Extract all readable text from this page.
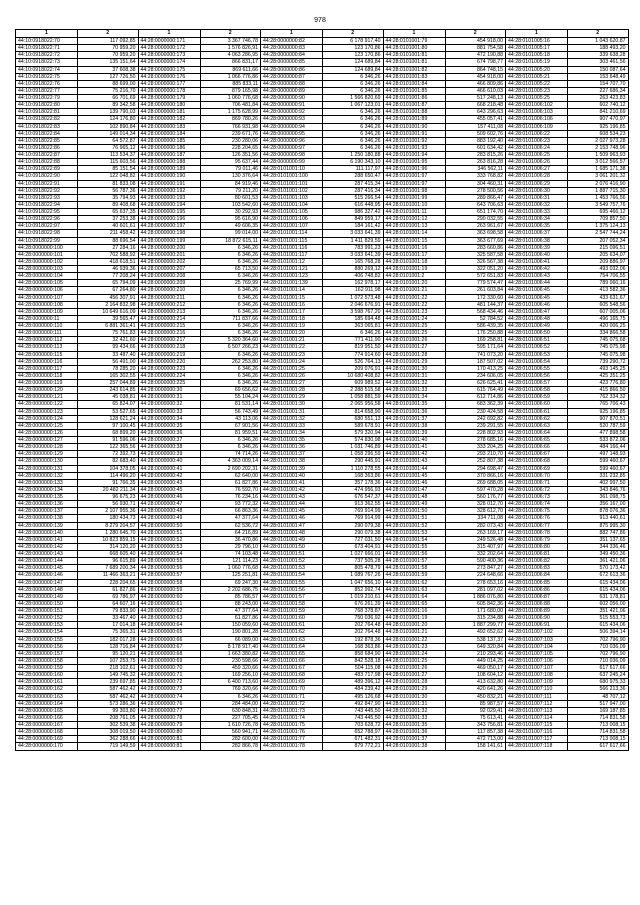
978
1	2	1	2	1	2	1	2	1	2
44:10:0918022:70	117 092,85	44:28:0000000:171	3 367 746,78	44:28:0000000:82	6 178 917,40	44:28:0101001:79	454 918,00	44:28:0101005:16	1 043 620,87
44:10:0918022:71	70 959,20	44:28:0000000:172	1 576 826,91	44:28:0000000:83	123 170,86	44:28:0101001:80	881 754,58	44:28:0101005:17	188 493,20
44:10:0918022:72	70 959,20	44:28:0000000:173	4 063 286,95	44:28:0000000:84	123 170,86	44:28:0101001:81	472 190,88	44:28:0101005:18	339 638,28
44:10:0918022:73	135 151,64	44:28:0000000:174	866 831,17	44:28:0000000:85	124 689,84	44:28:0101001:81	674 798,77	44:28:0101005:19	303 461,56
44:10:0918022:74	37 608,38	44:28:0000000:175	869 611,66	44:28:0000000:86	124 689,84	44:28:0101001:82	864 748,15	44:28:0101005:20	150 087,64
44:10:0918022:75	127 726,50	44:28:0000000:176	1 066 776,86	44:28:0000000:87	6 346,26	44:28:0101001:83	454 918,00	44:28:0101005:21	153 648,49
44:10:0918022:76	88 699,00	44:28:0000000:177	885 833,11	44:28:0000000:88	6 346,26	44:28:0101001:84	466 809,86	44:28:0101005:22	154 707,70
44:10:0918022:77	75 216,70	44:28:0000000:178	879 165,98	44:28:0000000:89	6 346,26	44:28:0101001:85	466 610,03	44:28:0101005:23	227 686,34
44:10:0918022:79	66 701,69	44:28:0000000:179	1 060 776,68	44:28:0000000:90	1 566 820,69	44:28:0101001:86	517 248,13	44:28:0101005:25	263 423,83
44:10:0918022:80	89 342,58	44:28:0000000:180	706 481,84	44:28:0000000:91	1 067 123,01	44:28:0101001:87	668 218,48	44:28:0101006:102	602 740,12
44:10:0918022:81	139 790,03	44:28:0000000:181	1 175 628,99	44:28:0000000:92	6 346,26	44:28:0101001:88	643 296,63	44:28:0101006:103	841 210,69
44:10:0918022:82	124 176,80	44:28:0000000:182	869 780,26	44:28:0000000:93	6 346,26	44:28:0101001:89	455 057,41	44:28:0101006:106	907 470,97
44:10:0918022:83	102 890,84	44:28:0000000:183	766 931,98	44:28:0000000:94	6 346,26	44:28:0101001:90	157 411,08	44:28:0101006:109	925 196,85
44:10:0918022:84	149 014,34	44:28:0000000:184	239 671,76	44:28:0000000:95	6 346,26	44:28:0101001:91	509 602,76	44:28:0101006:22	608 534,23
44:10:0918022:85	64 572,87	44:28:0000000:185	230 280,06	44:28:0000000:96	6 346,26	44:28:0101001:92	883 192,40	44:28:0101006:23	2 027 973,28
44:10:0918022:86	76 965,12	44:28:0000000:186	228 204,65	44:28:0000000:97	6 346,26	44:28:0101001:93	601 634,42	44:28:0101006:24	2 153 748,96
44:10:0918022:87	113 534,37	44:28:0000000:187	126 351,56	44:28:0000000:98	1 250 180,88	44:28:0101001:94	283 815,26	44:28:0101006:25	1 509 963,93
44:10:0918022:88	115 603,56	44:28:0000000:188	95 637,44	44:28:0000000:99	6 190 343,10	44:28:0101001:95	263 816,28	44:28:0101006:26	3 012 566,57
44:10:0918022:89	85 151,54	44:28:0000000:189	79 011,46	44:28:0101001:10	111 117,97	44:28:0101001:96	346 562,11	44:28:0101006:27	1 685 171,38
44:10:0918022:90	122 048,82	44:28:0000000:190	130 376,64	44:28:0101001:100	288 650,47	44:28:0101001:97	333 768,82	44:28:0101006:28	3 061 201,32
44:10:0918022:91	81 833,08	44:28:0000000:191	84 919,46	44:28:0101001:101	287 415,34	44:28:0101001:97	304 460,31	44:28:0101006:29	2 076 416,90
44:10:0918022:92	56 787,36	44:28:0000000:192	79 211,20	44:28:0101001:102	287 416,34	44:28:0101001:98	278 500,56	44:28:0101006:30	1 887 715,30
44:10:0918022:93	35 794,93	44:28:0000000:193	80 601,53	44:28:0101001:103	515 266,54	44:28:0101001:99	289 866,47	44:28:0101006:31	1 453 766,56
44:10:0918022:94	89 408,68	44:28:0000000:194	103 542,60	44:28:0101001:104	616 448,95	44:28:0101001:10	643 706,63	44:28:0101006:32	3 549 757,76
44:10:0918022:95	65 637,35	44:28:0000000:195	30 292,93	44:28:0101001:105	986 327,42	44:28:0101001:11	651 174,70	44:28:0101006:33	695 466,12
44:10:0918022:96	37 253,38	44:28:0000000:196	95 616,90	44:28:0101001:106	849 959,17	44:28:0101001:12	290 032,55	44:28:0101006:34	709 857,50
44:10:0918022:97	40 601,61	44:28:0000000:197	49 606,35	44:28:0101001:107	184 161,42	44:28:0101001:13	263 961,67	44:28:0101006:35	1 375 124,13
44:10:0918022:98	211 458,42	44:28:0000000:198	99 014,00	44:28:0101001:114	3 033 641,39	44:28:0101001:14	363 698,58	44:28:0101006:37	2 547 744,24
44:10:0918022:99	88 696,54	44:28:0000000:199	18 872 615,11	44:28:0101001:115	1 411 829,59	44:28:0101001:15	363 677,69	44:28:0101006:38	207 052,34
44:28:0000000:100	27 284,16	44:28:0000000:200	6 346,26	44:28:0101001:116	783 991,23	44:28:0101001:16	283 660,86	44:28:0101006:39	215 096,51
44:28:0000000:101	702 588,92	44:28:0000000:201	6 346,26	44:28:0101001:117	3 033 641,39	44:28:0101001:17	325 587,58	44:28:0101006:40	205 634,07
44:28:0000000:102	418 618,51	44:28:0000000:202	6 346,26	44:28:0101001:12	165 768,28	44:28:0101001:18	326 567,38	44:28:0101006:41	209 886,97
44:28:0000000:103	46 939,36	44:28:0000000:207	65 713,50	44:28:0101001:121	880 269,12	44:28:0101001:19	322 051,20	44:28:0101006:42	493 032,06
44:28:0000000:104	77 208,24	44:28:0000000:208	6 346,26	44:28:0101001:123	406 748,82	44:28:0101001:2	572 651,83	44:28:0101006:43	754 706,55
44:28:0000000:105	65 794,09	44:28:0000000:209	25 769,99	44:28:0101001:139	162 978,17	44:28:0101001:20	779 574,47	44:28:0101006:44	789 060,16
44:28:0000000:106	67 264,80	44:28:0000000:210	6 346,26	44:28:0101001:14	162 911,98	44:28:0101001:21	261 603,84	44:28:0101006:45	413 582,36
44:28:0000000:107	456 307,91	44:28:0000000:211	6 346,26	44:28:0101001:15	1 072 573,48	44:28:0101001:22	172 330,60	44:28:0101006:45	433 631,67
44:28:0000000:108	2 164 832,98	44:28:0000000:212	6 346,26	44:28:0101001:16	2 046 676,91	44:28:0101001:22	481 144,37	44:28:0101006:46	605 548,56
44:28:0000000:109	10 649 616,09	44:28:0000000:213	6 346,26	44:28:0101001:17	3 598 767,20	44:28:0101001:23	568 434,46	44:28:0101006:47	607 005,06
44:28:0000000:11	39 565,47	44:28:0000000:214	711 837,66	44:28:0101001:18	185 694,48	44:28:0101001:24	52 784,52	44:28:0101006:48	496 165,75
44:28:0000000:110	6 881 361,41	44:28:0000000:215	6 346,26	44:28:0101001:19	363 065,81	44:28:0101001:25	586 439,35	44:28:0101006:49	420 006,25
44:28:0000000:111	75 761,83	44:28:0000000:216	6 346,26	44:28:0101001:20	6 346,26	44:28:0101001:25	176 250,88	44:28:0101006:50	334 866,58
44:28:0000000:112	32 421,60	44:28:0000000:217	5 320 364,60	44:28:0101001:21	771 411,90	44:28:0101001:26	169 258,81	44:28:0101006:51	745 075,68
44:28:0000000:113	99 434,66	44:28:0000000:218	6 507 266,23	44:28:0101001:22	819 951,50	44:28:0101001:27	595 171,64	44:28:0101006:52	745 075,98
44:28:0000000:115	33 487,40	44:28:0000000:219	6 346,26	44:28:0101001:23	774 914,60	44:28:0101001:28	741 073,20	44:28:0101006:53	745 075,98
44:28:0000000:116	56 491,00	44:28:0000000:220	262 253,80	44:28:0101001:24	526 764,13	44:28:0101001:29	187 507,02	44:28:0101006:54	739 290,72
44:28:0000000:117	78 285,20	44:28:0000000:223	6 346,26	44:28:0101001:25	209 076,91	44:28:0101001:30	170 413,25	44:28:0101006:55	493 145,25
44:28:0000000:118	165 302,55	44:28:0000000:224	6 346,26	44:28:0101001:26	10 680 408,82	44:28:0101001:31	234 606,05	44:28:0101006:56	425 351,25
44:28:0000000:119	257 044,89	44:28:0000000:225	6 346,26	44:28:0101001:27	609 989,52	44:28:0101001:32	626 625,41	44:28:0101006:57	423 776,80
44:28:0000000:120	243 614,85	44:28:0000000:30	69 656,62	44:28:0101001:28	2 288 515,58	44:28:0101001:33	615 764,49	44:28:0101006:58	415 866,50
44:28:0000000:121	45 038,81	44:28:0000000:31	55 104,24	44:28:0101001:29	1 058 881,59	44:28:0101001:34	612 714,86	44:28:0101006:59	762 334,32
44:28:0000000:122	65 824,07	44:28:0000000:32	81 531,14	44:28:0101001:30	2 065 956,58	44:28:0101001:35	683 362,39	44:28:0101006:60	765 706,43
44:28:0000000:123	53 527,65	44:28:0000000:33	56 743,49	44:28:0101001:31	814 658,90	44:28:0101001:36	230 424,58	44:28:0101006:61	925 196,85
44:28:0000000:124	128 621,24	44:28:0000000:34	43 113,06	44:28:0101001:32	680 551,13	44:28:0101001:37	242 692,82	44:28:0101006:62	907 870,51
44:28:0000000:125	97 100,45	44:28:0000000:35	67 901,56	44:28:0101001:33	589 678,91	44:28:0101001:38	239 291,55	44:28:0101006:63	520 787,59
44:28:0000000:126	68 899,20	44:28:0000000:36	81 959,51	44:28:0101001:34	579 320,94	44:28:0101001:39	228 802,93	44:28:0101006:64	477 898,58
44:28:0000000:127	91 596,06	44:28:0000000:37	6 346,26	44:28:0101001:35	574 830,98	44:28:0101001:40	278 685,16	44:28:0101006:65	533 872,06
44:28:0000000:128	122 365,56	44:28:0000000:38	6 346,26	44:28:0101001:36	1 031 746,89	44:28:0101001:41	333 204,25	44:28:0101006:66	484 166,44
44:28:0000000:129	72 392,73	44:28:0000000:39	74 714,26	44:28:0101001:37	1 058 296,59	44:28:0101001:42	293 210,70	44:28:0101006:67	497 148,93
44:28:0000000:130	82 683,40	44:28:0000000:40	4 363 009,14	44:28:0101001:38	290 445,91	44:28:0101001:43	252 807,38	44:28:0101006:68	599 460,67
44:28:0000000:131	104 378,05	44:28:0000000:41	2 690 202,31	44:28:0101001:39	1 110 278,55	44:28:0101001:44	294 698,47	44:28:0101006:69	599 460,67
44:28:0000000:132	114 496,20	44:28:0000000:42	62 640,00	44:28:0101001:40	168 363,86	44:28:0101001:45	370 866,16	44:28:0101006:70	331 232,85
44:28:0000000:133	91 766,35	44:28:0000000:43	61 827,86	44:28:0101001:41	357 178,36	44:28:0101001:46	269 688,05	44:28:0101006:71	402 997,50
44:28:0000000:134	20 482 211,34	44:28:0000000:45	76 592,70	44:28:0101001:42	474 956,93	44:28:0101001:47	597 470,28	44:28:0101006:72	343 846,76
44:28:0000000:135	96 675,23	44:28:0000000:46	76 234,16	44:28:0101001:43	676 547,37	44:28:0101001:48	560 176,77	44:28:0101006:73	361 098,75
44:28:0000000:136	56 930,71	44:28:0000000:47	93 772,32	44:28:0101001:44	913 362,55	44:28:0101001:49	328 012,70	44:28:0101006:74	356 167,00
44:28:0000000:137	2 107 955,36	44:28:0000000:48	66 863,36	44:28:0101001:45	769 914,99	44:28:0101001:50	328 612,70	44:28:0101006:75	878 076,36
44:28:0000000:138	180 434,73	44:28:0000000:49	47 377,64	44:28:0101001:46	769 914,99	44:28:0101001:51	334 711,08	44:28:0101006:76	913 440,61
44:28:0000000:139	8 279 204,57	44:28:0000000:50	62 536,72	44:28:0101001:47	290 079,38	44:28:0101001:52	282 073,43	44:28:0101006:77	875 995,30
44:28:0000000:140	1 280 645,70	44:28:0000000:51	64 216,89	44:28:0101001:48	290 079,38	44:28:0101001:53	263 169,17	44:28:0101006:78	882 747,86
44:28:0000000:141	10 823 859,15	44:28:0000000:52	36 470,86	44:28:0101001:49	727 031,50	44:28:0101001:54	249 526,48	44:28:0101006:79	351 137,65
44:28:0000000:142	314 120,20	44:28:0000000:53	29 796,10	44:28:0101001:50	673 404,91	44:28:0101001:55	315 407,97	44:28:0101006:80	344 336,46
44:28:0000000:143	668 605,40	44:28:0000000:54	74 103,48	44:28:0101001:51	1 027 666,01	44:28:0101001:56	332 202,64	44:28:0101006:81	349 450,36
44:28:0000000:144	96 615,89	44:28:0000000:55	121 114,23	44:28:0101001:52	737 505,28	44:28:0101001:57	590 400,36	44:28:0101006:82	361 421,06
44:28:0000000:145	7 689 200,34	44:28:0000000:56	1 060 776,68	44:28:0101001:53	805 478,79	44:28:0101001:58	273 847,27	44:28:0101006:83	570 173,42
44:28:0000000:146	11 466 363,21	44:28:0000000:57	125 251,81	44:28:0101001:54	1 089 767,26	44:28:0101001:59	224 648,66	44:28:0101006:84	672 613,36
44:28:0000000:147	228 204,65	44:28:0000000:58	69 247,30	44:28:0101001:55	1 047 656,10	44:28:0101001:62	278 653,16	44:28:0101006:85	615 434,06
44:28:0000000:148	61 827,86	44:28:0000000:59	2 202 686,75	44:28:0101001:56	852 992,74	44:28:0101001:63	281 097,02	44:28:0101006:86	615 434,06
44:28:0000000:149	69 786,97	44:28:0000000:60	85 786,57	44:28:0101001:57	1 019 210,61	44:28:0101001:64	1 886 076,80	44:28:0101006:87	631 178,81
44:28:0000000:150	64 607,16	44:28:0000000:61	88 243,00	44:28:0101001:58	676 261,39	44:28:0101001:65	605 842,36	44:28:0101006:88	602 056,00
44:28:0000000:151	79 833,90	44:28:0000000:62	47 377,64	44:28:0101001:59	768 378,87	44:28:0101001:16	171 680,00	44:28:0101006:89	351 421,06
44:28:0000000:152	33 467,40	44:28:0000000:63	61 827,86	44:28:0101001:60	750 036,92	44:28:0101001:19	315 234,88	44:28:0101006:90	515 553,73
44:28:0000000:153	17 014,18	44:28:0000000:64	150 059,60	44:28:0101001:61	202 764,48	44:28:0101001:20	1 887 299,77	44:28:0101006:91	615 434,06
44:28:0000000:154	75 365,31	44:28:0000000:65	190 801,28	44:28:0101001:62	202 764,48	44:28:0101001:21	492 652,62	44:28:0101007:102	506 394,14
44:28:0000000:155	182 017,28	44:28:0000000:66	66 089,00	44:28:0101001:63	192 878,36	44:28:0101001:22	538 137,37	44:28:0101007:103	702 796,90
44:28:0000000:156	128 716,84	44:28:0000000:67	8 178 917,40	44:28:0101001:64	168 363,86	44:28:0101001:23	649 320,84	44:28:0101007:104	710 036,09
44:28:0000000:157	95 120,21	44:28:0000000:68	1 663 380,82	44:28:0101001:65	858 684,90	44:28:0101001:24	210 293,46	44:28:0101007:105	702 796,90
44:28:0000000:158	107 253,75	44:28:0000000:69	230 598,66	44:28:0101001:66	842 528,18	44:28:0101001:25	449 014,25	44:28:0101007:106	710 036,09
44:28:0000000:159	218 102,61	44:28:0000000:70	459 320,66	44:28:0101001:67	504 115,08	44:28:0101001:26	469 050,17	44:28:0101007:107	617 617,66
44:28:0000000:160	149 745,32	44:28:0000000:71	169 256,10	44:28:0101001:68	483 717,98	44:28:0101001:27	108 604,12	44:28:0101007:108	637 245,24
44:28:0000000:161	239 697,85	44:28:0000000:72	6 400 713,60	44:28:0101001:69	489 396,12	44:28:0101001:28	413 632,80	44:28:0101007:109	680 975,33
44:28:0000000:162	587 462,42	44:28:0000000:73	769 320,66	44:28:0101001:70	484 239,42	44:28:0101001:29	420 641,26	44:28:0101007:110	566 213,36
44:28:0000000:163	587 462,42	44:28:0000000:74	6 346,26	44:28:0101001:71	495 126,68	44:28:0101001:30	450 832,21	44:28:0101007:111	48 707,12
44:28:0000000:164	573 286,36	44:28:0000000:76	284 484,00	44:28:0101001:72	492 847,90	44:28:0101001:31	85 987,57	44:28:0101007:112	517 947,00
44:28:0000000:165	99 303,80	44:28:0000000:77	630 848,31	44:28:0101001:73	743 445,50	44:28:0101001:32	92 029,41	44:28:0101007:113	169 187,85
44:28:0000000:166	208 761,05	44:28:0000000:78	227 705,45	44:28:0101001:74	743 445,50	44:28:0101001:33	75 613,41	44:28:0101007:114	714 831,58
44:28:0000000:167	302 539,38	44:28:0000000:79	1 610 726,78	44:28:0101001:75	703 628,72	44:28:0101001:35	343 756,81	44:28:0101007:115	713 008,15
44:28:0000000:168	308 019,50	44:28:0000000:80	560 941,71	44:28:0101001:76	652 788,97	44:28:0101001:36	117 857,38	44:28:0101007:116	714 831,58
44:28:0000000:169	362 288,66	44:28:0000000:81	282 600,00	44:28:0101001:77	671 482,31	44:28:0101001:37	472 713,00	44:28:0101007:117	713 008,15
44:28:0000000:170	719 149,59	44:28:0000000:81	282 866,78	44:28:0101001:78	879 772,21	44:28:0101001:38	158 141,61	44:28:0101007:118	617 617,66
